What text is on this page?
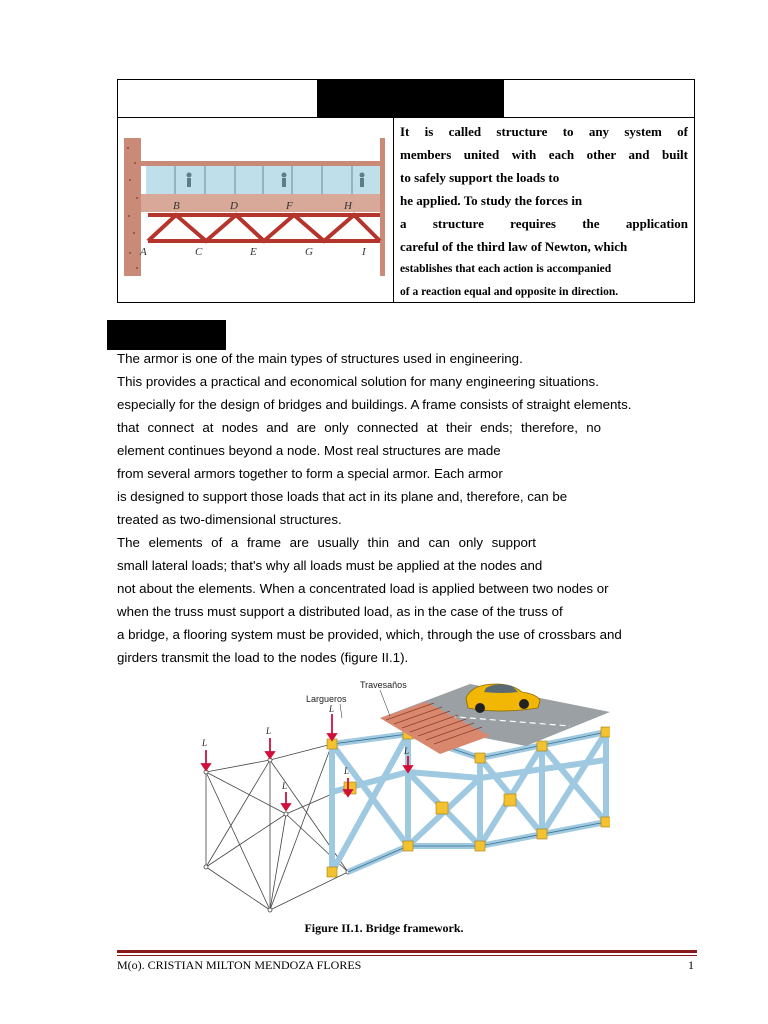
B	D	F	H
A	C	E	G	I
It is called structure to any system of
members united with each other and built
to safely support the loads to
he applied. To study the forces in
a structure requires the application
careful of the third law of Newton, which
establishes that each action is accompanied
of a reaction equal and opposite in direction.
The armor is one of the main types of structures used in engineering.
This provides a practical and economical solution for many engineering situations.
especially for the design of bridges and buildings. A frame consists of straight elements.
that connect at nodes and are only connected at their ends; therefore, no
element continues beyond a node. Most real structures are made
from several armors together to form a special armor. Each armor
is designed to support those loads that act in its plane and, therefore, can be
treated as two-dimensional structures.
The elements of a frame are usually thin and can only support
small lateral loads; that's why all loads must be applied at the nodes and
not about the elements. When a concentrated load is applied between two nodes or
when the truss must support a distributed load, as in the case of the truss of
a bridge, a flooring system must be provided, which, through the use of crossbars and
girders transmit the load to the nodes (figure II.1).
Travesaños
Largueros
L
L
L
L
L
L
Figure II.1. Bridge framework.
M(o). CRISTIAN MILTON MENDOZA FLORES	1
